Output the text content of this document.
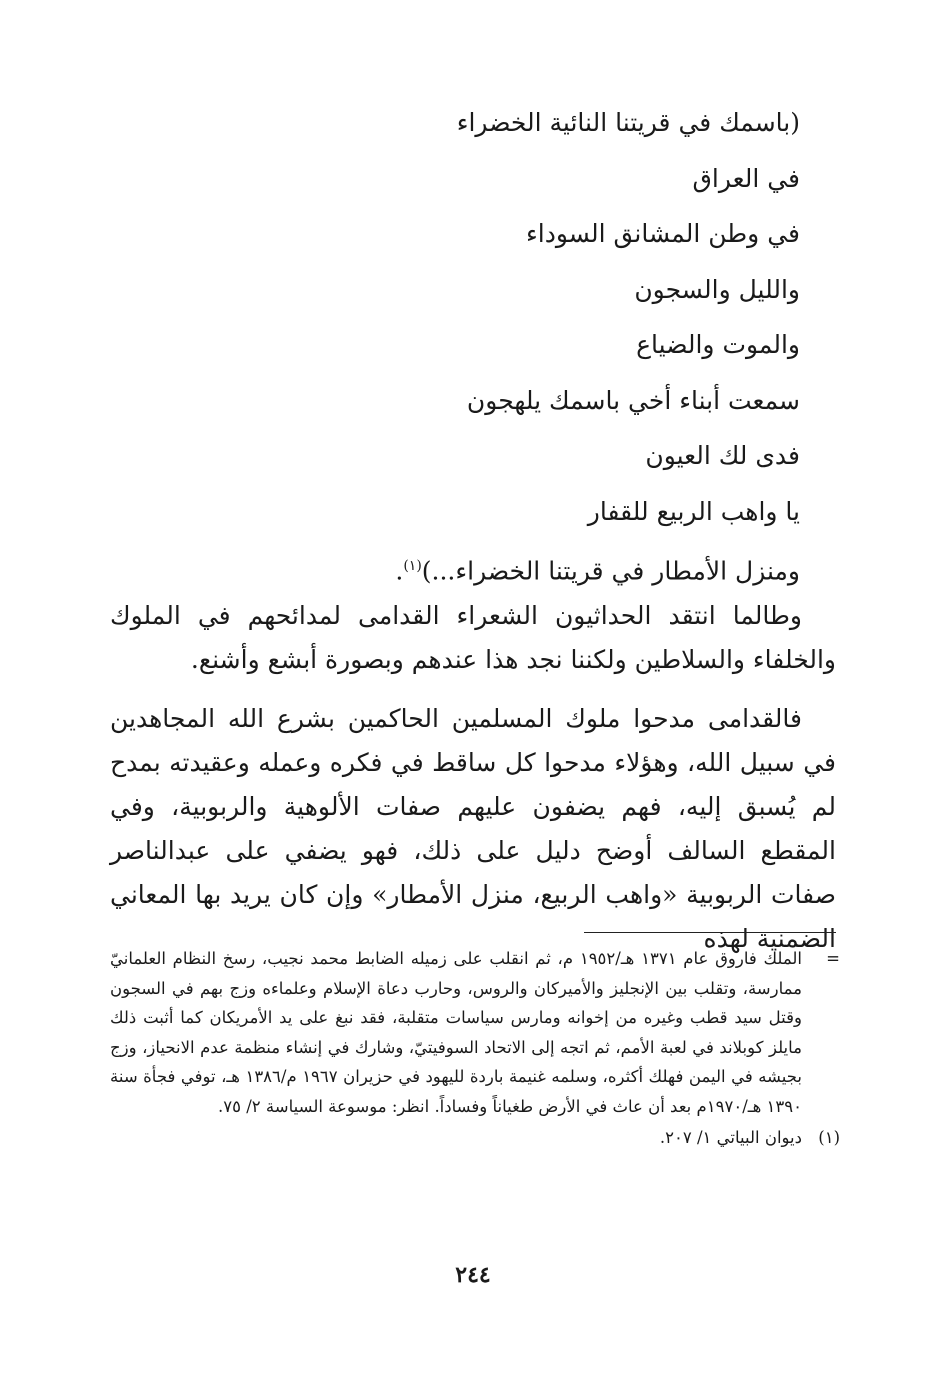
(باسمك في قريتنا النائية الخضراء
في العراق
في وطن المشانق السوداء
والليل والسجون
والموت والضياع
سمعت أبناء أخي باسمك يلهجون
فدى لك العيون
يا واهب الربيع للقفار
ومنزل الأمطار في قريتنا الخضراء...)$^{(١)}$.

وطالما انتقد الحداثيون الشعراء القدامى لمدائحهم في الملوك والخلفاء والسلاطين ولكننا نجد هذا عندهم وبصورة أبشع وأشنع.

فالقدامى مدحوا ملوك المسلمين الحاكمين بشرع الله المجاهدين في سبيل الله، وهؤلاء مدحوا كل ساقط في فكره وعمله وعقيدته بمدح لم يُسبق إليه، فهم يضفون عليهم صفات الألوهية والربوبية، وفي المقطع السالف أوضح دليل على ذلك، فهو يضفي على عبدالناصر صفات الربوبية «واهب الربيع، منزل الأمطار» وإن كان يريد بها المعاني الضمنية لهذه

=
الملك فاروق عام ١٣٧١ هـ/١٩٥٢ م، ثم انقلب على زميله الضابط محمد نجيب، رسخ النظام العلمانيّ ممارسة، وتقلب بين الإنجليز والأميركان والروس، وحارب دعاة الإسلام وعلماءه وزج بهم في السجون وقتل سيد قطب وغيره من إخوانه ومارس سياسات متقلبة، فقد نبغ على يد الأمريكان كما أثبت ذلك مايلز كوبلاند في لعبة الأمم، ثم اتجه إلى الاتحاد السوفيتيّ، وشارك في إنشاء منظمة عدم الانحياز، وزج بجيشه في اليمن فهلك أكثره، وسلمه غنيمة باردة لليهود في حزيران ١٩٦٧ م/١٣٨٦ هـ، توفي فجأة سنة ١٣٩٠ هـ/١٩٧٠م بعد أن عاث في الأرض طغياناً وفساداً. انظر: موسوعة السياسة ٢/ ٧٥.

(١)
ديوان البياتي ١/ ٢٠٧.

٢٤٤
